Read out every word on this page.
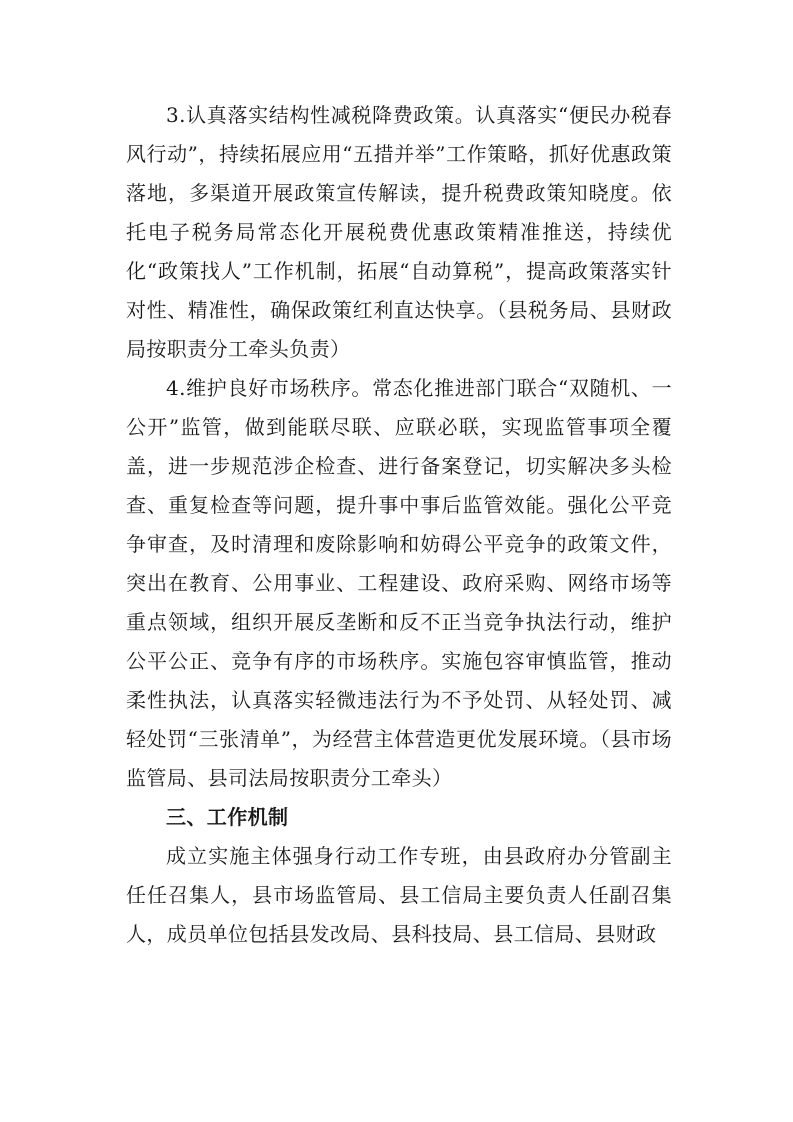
3.认真落实结构性减税降费政策。认真落实“便民办税春风行动”，持续拓展应用“五措并举”工作策略，抓好优惠政策落地，多渠道开展政策宣传解读，提升税费政策知晓度。依托电子税务局常态化开展税费优惠政策精准推送，持续优化“政策找人”工作机制，拓展“自动算税”，提高政策落实针对性、精准性，确保政策红利直达快享。（县税务局、县财政局按职责分工牵头负责）

4.维护良好市场秩序。常态化推进部门联合“双随机、一公开”监管，做到能联尽联、应联必联，实现监管事项全覆盖，进一步规范涉企检查、进行备案登记，切实解决多头检查、重复检查等问题，提升事中事后监管效能。强化公平竞争审查，及时清理和废除影响和妨碍公平竞争的政策文件，突出在教育、公用事业、工程建设、政府采购、网络市场等重点领域，组织开展反垄断和反不正当竞争执法行动，维护公平公正、竞争有序的市场秩序。实施包容审慎监管，推动柔性执法，认真落实轻微违法行为不予处罚、从轻处罚、减轻处罚“三张清单”，为经营主体营造更优发展环境。（县市场监管局、县司法局按职责分工牵头）

三、工作机制

成立实施主体强身行动工作专班，由县政府办分管副主任任召集人，县市场监管局、县工信局主要负责人任副召集人，成员单位包括县发改局、县科技局、县工信局、县财政
